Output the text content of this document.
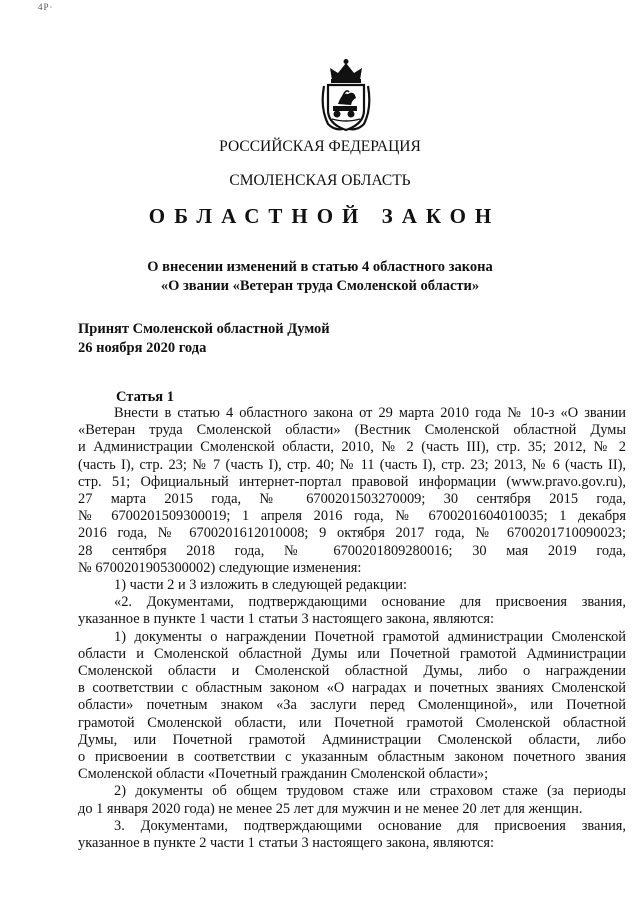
4Р·
РОССИЙСКАЯ ФЕДЕРАЦИЯ
СМОЛЕНСКАЯ ОБЛАСТЬ
ОБЛАСТНОЙ ЗАКОН
О внесении изменений в статью 4 областного закона
«О звании «Ветеран труда Смоленской области»
Принят Смоленской областной Думой
26 ноября 2020 года
Статья 1

Внести в статью 4 областного закона от 29 марта 2010 года № 10-з «О звании

«Ветеран труда Смоленской области» (Вестник Смоленской областной Думы

и Администрации Смоленской области, 2010, № 2 (часть III), стр. 35; 2012, № 2

(часть I), стр. 23; № 7 (часть I), стр. 40; № 11 (часть I), стр. 23; 2013, № 6 (часть II),

стр. 51; Официальный интернет-портал правовой информации (www.pravo.gov.ru),

27 марта 2015 года, № 6700201503270009; 30 сентября 2015 года,

№ 6700201509300019; 1 апреля 2016 года, № 6700201604010035; 1 декабря

2016 года, № 6700201612010008; 9 октября 2017 года, № 6700201710090023;

28 сентября 2018 года, № 6700201809280016; 30 мая 2019 года,

№ 6700201905300002) следующие изменения:

1) части 2 и 3 изложить в следующей редакции:

«2. Документами, подтверждающими основание для присвоения звания,

указанное в пункте 1 части 1 статьи 3 настоящего закона, являются:

1) документы о награждении Почетной грамотой администрации Смоленской

области и Смоленской областной Думы или Почетной грамотой Администрации

Смоленской области и Смоленской областной Думы, либо о награждении

в соответствии с областным законом «О наградах и почетных званиях Смоленской

области» почетным знаком «За заслуги перед Смоленщиной», или Почетной

грамотой Смоленской области, или Почетной грамотой Смоленской областной

Думы, или Почетной грамотой Администрации Смоленской области, либо

о присвоении в соответствии с указанным областным законом почетного звания

Смоленской области «Почетный гражданин Смоленской области»;

2) документы об общем трудовом стаже или страховом стаже (за периоды

до 1 января 2020 года) не менее 25 лет для мужчин и не менее 20 лет для женщин.

3. Документами, подтверждающими основание для присвоения звания,

указанное в пункте 2 части 1 статьи 3 настоящего закона, являются:
